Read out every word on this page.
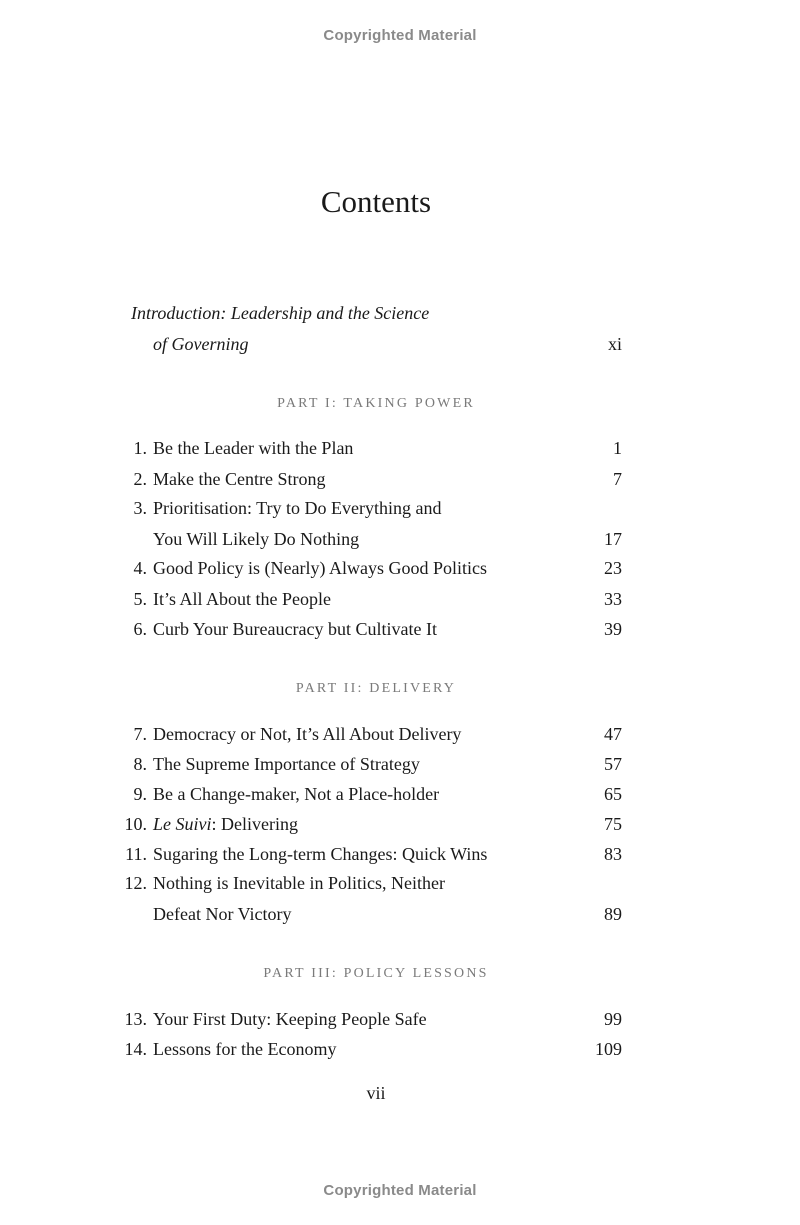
Copyrighted Material
Contents
Introduction: Leadership and the Science
of Governing	xi
PART I: TAKING POWER
1. Be the Leader with the Plan	1
2. Make the Centre Strong	7
3. Prioritisation: Try to Do Everything and
You Will Likely Do Nothing	17
4. Good Policy is (Nearly) Always Good Politics	23
5. It’s All About the People	33
6. Curb Your Bureaucracy but Cultivate It	39
PART II: DELIVERY
7. Democracy or Not, It’s All About Delivery	47
8. The Supreme Importance of Strategy	57
9. Be a Change-maker, Not a Place-holder	65
10. Le Suivi: Delivering	75
11. Sugaring the Long-term Changes: Quick Wins	83
12. Nothing is Inevitable in Politics, Neither
Defeat Nor Victory	89
PART III: POLICY LESSONS
13. Your First Duty: Keeping People Safe	99
14. Lessons for the Economy	109
vii
Copyrighted Material
